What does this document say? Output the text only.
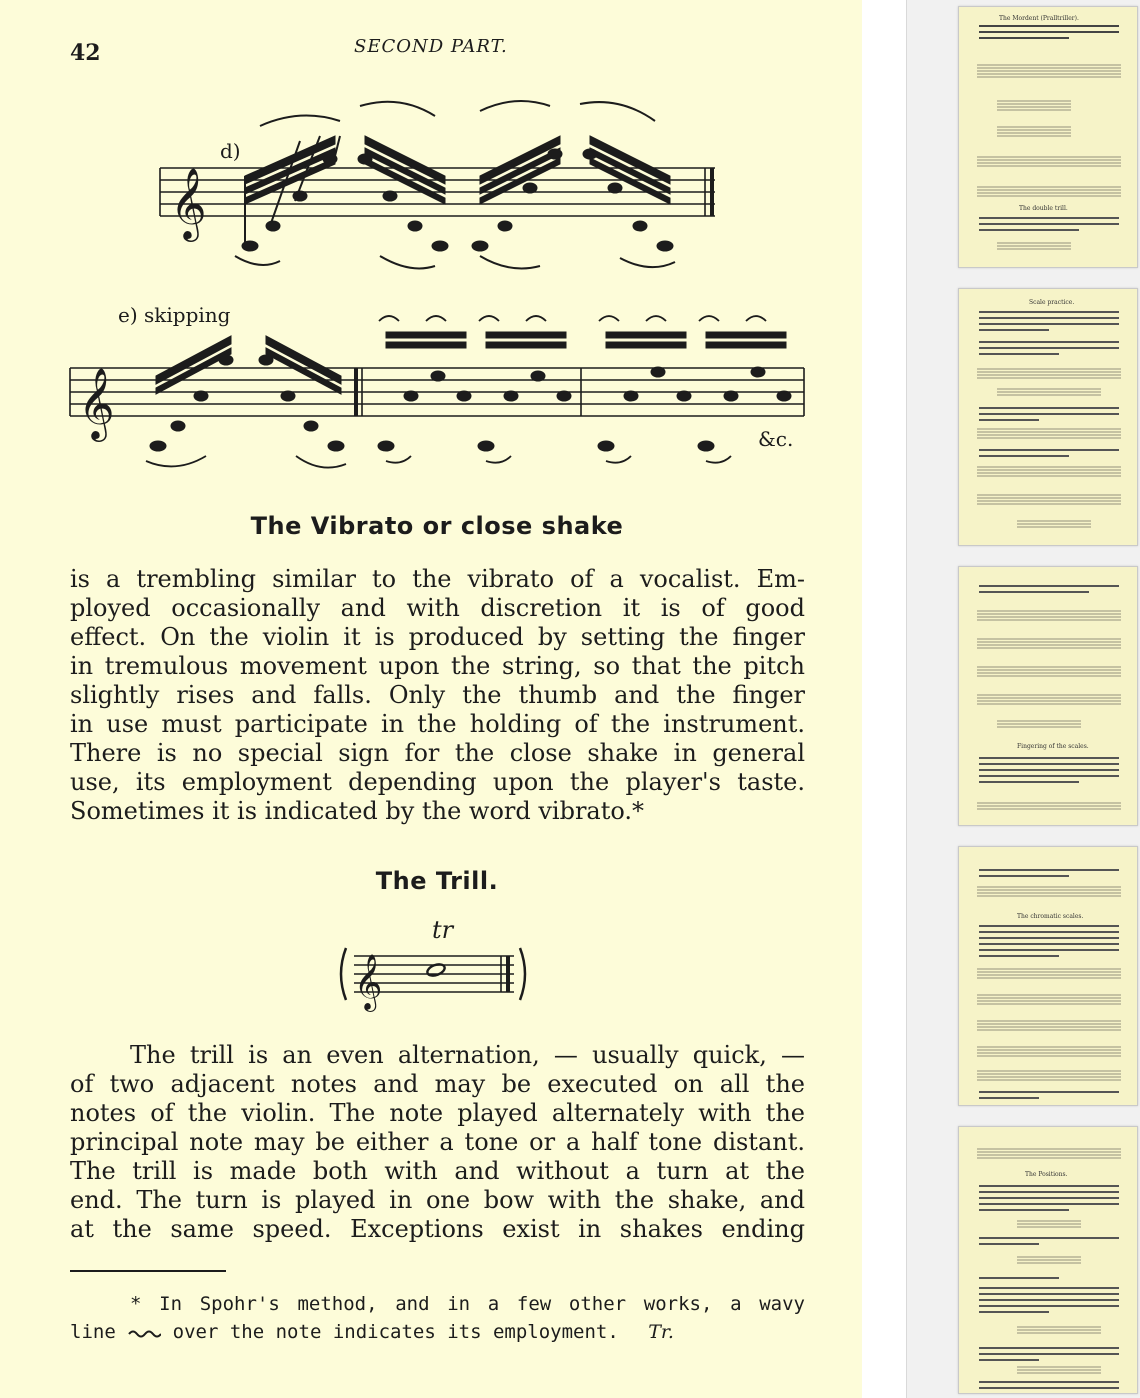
42	SECOND PART.
d)
𝄞
e) skipping
𝄞	&c.
The Vibrato or close shake
is a trembling similar to the vibrato of a vocalist. Em-
ployed occasionally and with discretion it is of good
effect. On the violin it is produced by setting the finger
in tremulous movement upon the string, so that the pitch
slightly rises and falls. Only the thumb and the finger
in use must participate in the holding of the instrument.
There is no special sign for the close shake in general
use, its employment depending upon the player's taste.
Sometimes it is indicated by the word vibrato.*
The Trill.
tr
𝄞
The trill is an even alternation, — usually quick, —
of two adjacent notes and may be executed on all the
notes of the violin. The note played alternately with the
principal note may be either a tone or a half tone distant.
The trill is made both with and without a turn at the
end. The turn is played in one bow with the shake, and
at the same speed. Exceptions exist in shakes ending
* In Spohr's method, and in a few other works, a wavy
line	over the note indicates its employment. Tr.
The Mordent (Pralltriller).
The double trill.
Scale practice.
Fingering of the scales.
The chromatic scales.
The Positions.
